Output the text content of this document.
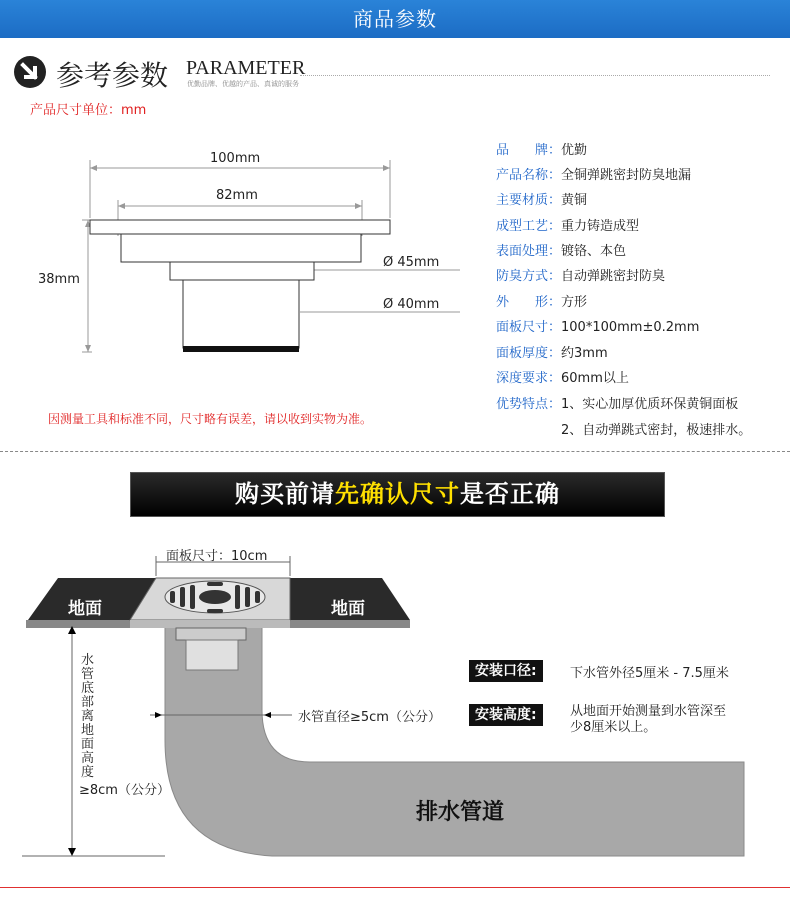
商品参数
参考参数 PARAMETER
优勤品牌、优越的产品、真诚的服务
产品尺寸单位：mm
100mm
82mm
38mm
Ø 45mm
Ø 40mm
因测量工具和标准不同，尺寸略有误差，请以收到实物为准。
品　　牌：优勤
产品名称：全铜弹跳密封防臭地漏
主要材质：黄铜
成型工艺：重力铸造成型
表面处理：镀铬、本色
防臭方式：自动弹跳密封防臭
外　　形：方形
面板尺寸：100*100mm±0.2mm
面板厚度：约3mm
深度要求：60mm以上
优势特点：1、实心加厚优质环保黄铜面板
2、自动弹跳式密封，极速排水。
购买前请先确认尺寸是否正确
面板尺寸：10cm
地面	地面
水
管
底
部
离
地
面
高
度
≥8cm（公分）
水管直径≥5cm（公分）
排水管道
安装口径:	下水管外径5厘米 - 7.5厘米
安装高度:	从地面开始测量到水管深至
少8厘米以上。
